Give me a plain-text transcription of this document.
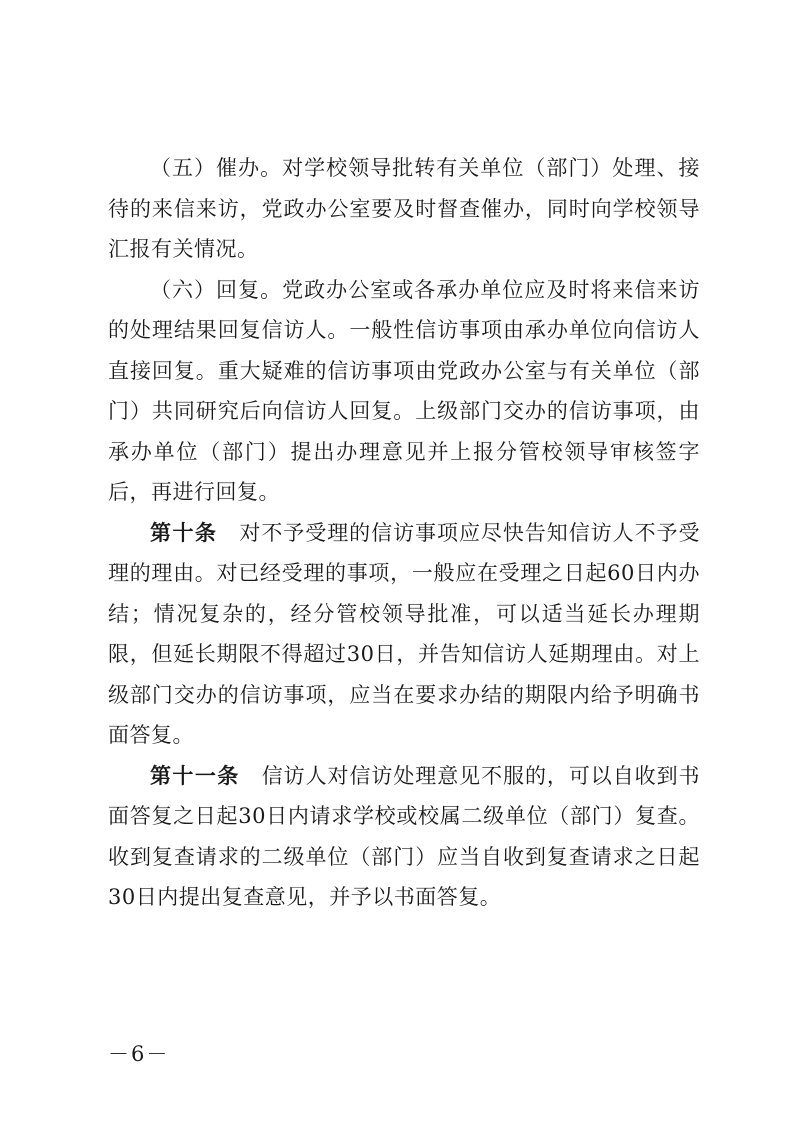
（五）催办。对学校领导批转有关单位（部门）处理、接待的来信来访，党政办公室要及时督查催办，同时向学校领导汇报有关情况。

（六）回复。党政办公室或各承办单位应及时将来信来访的处理结果回复信访人。一般性信访事项由承办单位向信访人直接回复。重大疑难的信访事项由党政办公室与有关单位（部门）共同研究后向信访人回复。上级部门交办的信访事项，由承办单位（部门）提出办理意见并上报分管校领导审核签字后，再进行回复。

第十条 对不予受理的信访事项应尽快告知信访人不予受理的理由。对已经受理的事项，一般应在受理之日起60日内办结；情况复杂的，经分管校领导批准，可以适当延长办理期限，但延长期限不得超过30日，并告知信访人延期理由。对上级部门交办的信访事项，应当在要求办结的期限内给予明确书面答复。

第十一条 信访人对信访处理意见不服的，可以自收到书面答复之日起30日内请求学校或校属二级单位（部门）复查。收到复查请求的二级单位（部门）应当自收到复查请求之日起30日内提出复查意见，并予以书面答复。

－6－
